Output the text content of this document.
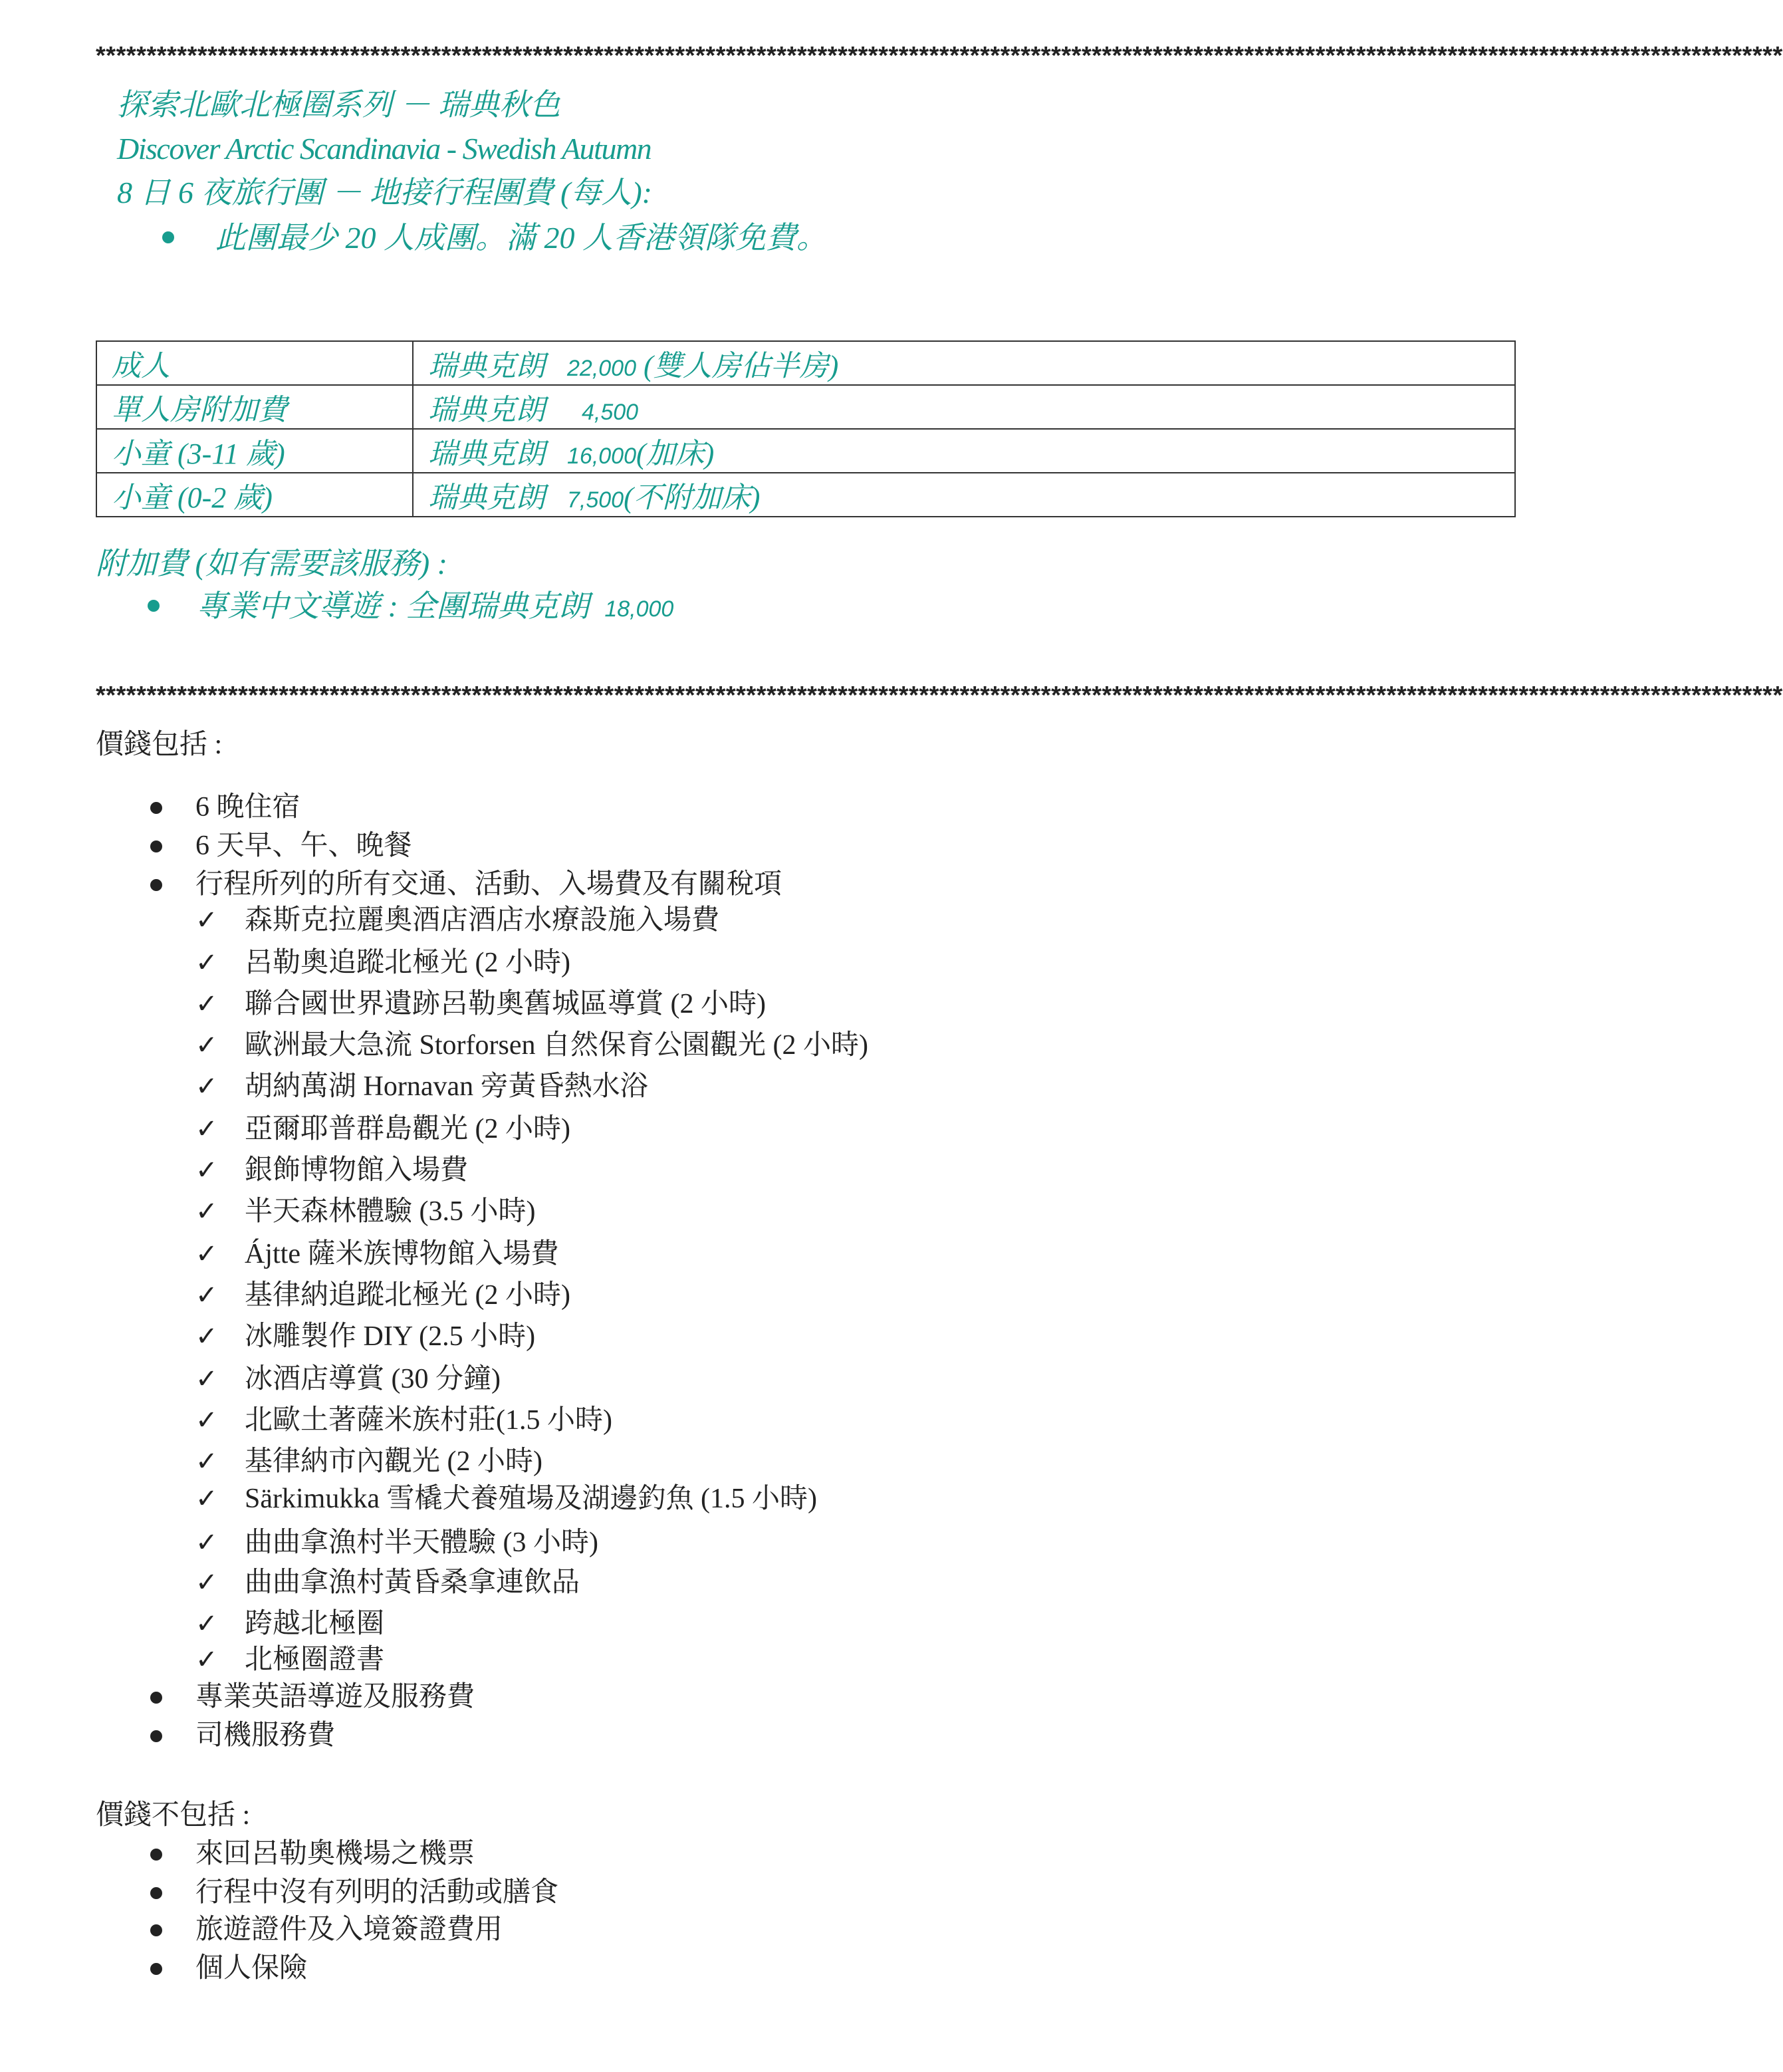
**********************************************************************************************************************************************************************
探索北歐北極圈系列 － 瑞典秋色
Discover Arctic Scandinavia - Swedish Autumn
8 日 6 夜旅行團 － 地接行程團費 (每人):
此團最少 20 人成團。滿 20 人香港領隊免費。
成人	瑞典克朗 22,000 (雙人房佔半房)
單人房附加費	瑞典克朗 4,500
小童 (3-11 歲)	瑞典克朗 16,000(加床)
小童 (0-2 歲)	瑞典克朗 7,500(不附加床)
附加費 (如有需要該服務) :
專業中文導遊 : 全團瑞典克朗 18,000
**********************************************************************************************************************************************************************
價錢包括 :
6 晚住宿
6 天早、午、晚餐
行程所列的所有交通、活動、入場費及有關稅項
✓ 森斯克拉麗奧酒店酒店水療設施入場費
✓ 呂勒奧追蹤北極光 (2 小時)
✓ 聯合國世界遺跡呂勒奧舊城區導賞 (2 小時)
✓ 歐洲最大急流 Storforsen 自然保育公園觀光 (2 小時)
✓ 胡納萬湖 Hornavan 旁黃昏熱水浴
✓ 亞爾耶普群島觀光 (2 小時)
✓ 銀飾博物館入場費
✓ 半天森林體驗 (3.5 小時)
✓ Ájtte 薩米族博物館入場費
✓ 基律納追蹤北極光 (2 小時)
✓ 冰雕製作 DIY (2.5 小時)
✓ 冰酒店導賞 (30 分鐘)
✓ 北歐土著薩米族村莊(1.5 小時)
✓ 基律納市內觀光 (2 小時)
✓ Särkimukka 雪橇犬養殖場及湖邊釣魚 (1.5 小時)
✓ 曲曲拿漁村半天體驗 (3 小時)
✓ 曲曲拿漁村黃昏桑拿連飲品
✓ 跨越北極圈
✓ 北極圈證書
專業英語導遊及服務費
司機服務費
價錢不包括 :
來回呂勒奧機場之機票
行程中沒有列明的活動或膳食
旅遊證件及入境簽證費用
個人保險
